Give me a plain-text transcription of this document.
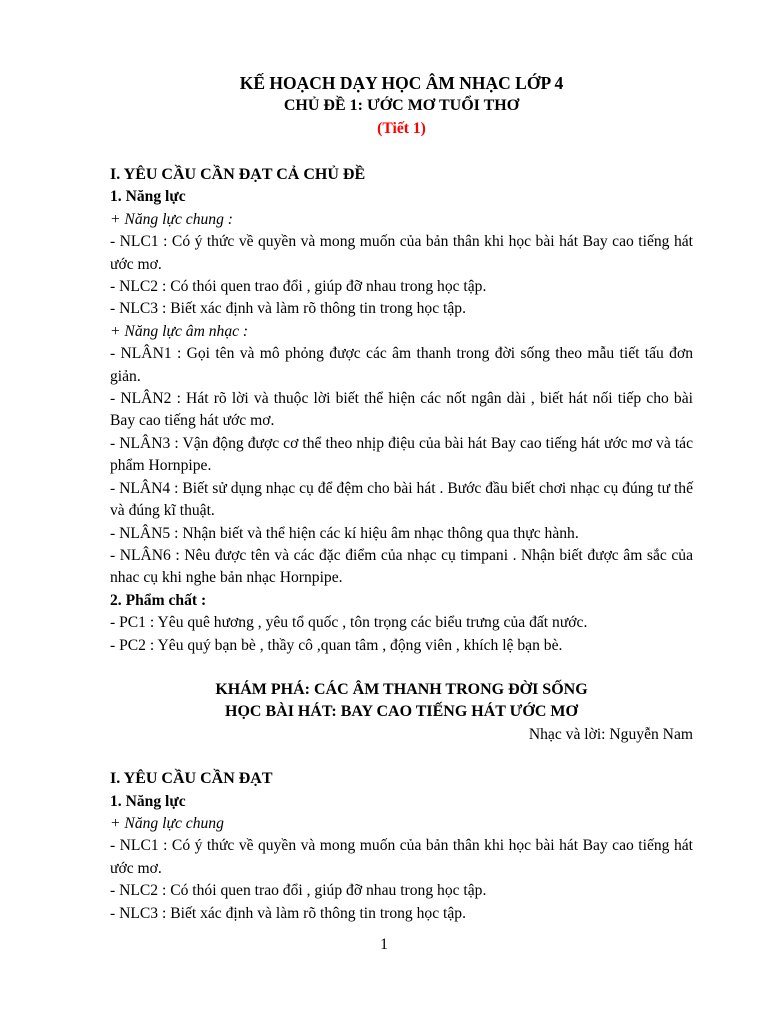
KẾ HOẠCH DẠY HỌC ÂM NHẠC LỚP 4
CHỦ ĐỀ 1: ƯỚC MƠ TUỔI THƠ
(Tiết 1)
I. YÊU CẦU CẦN ĐẠT CẢ CHỦ ĐỀ
1. Năng lực
+ Năng lực chung :
- NLC1 : Có ý thức về quyền và mong muốn của bản thân khi học bài hát Bay cao tiếng hát ước mơ.
- NLC2 : Có thói quen trao đổi , giúp đỡ nhau trong học tập.
- NLC3 : Biết xác định và làm rõ thông tin trong học tập.
+ Năng lực âm nhạc :
- NLÂN1 : Gọi tên và mô phỏng được các âm thanh trong đời sống theo mẫu tiết tấu đơn giản.
- NLÂN2 : Hát rõ lời và thuộc lời biết thể hiện các nốt ngân dài , biết hát nối tiếp cho bài Bay cao tiếng hát ước mơ.
- NLÂN3 : Vận động được cơ thể theo nhịp điệu của bài hát Bay cao tiếng hát ước mơ và tác phẩm Hornpipe.
- NLÂN4 : Biết sử dụng nhạc cụ để đệm cho bài hát . Bước đầu biết chơi nhạc cụ đúng tư thế và đúng kĩ thuật.
- NLÂN5 : Nhận biết và thể hiện các kí hiệu âm nhạc thông qua thực hành.
- NLÂN6 : Nêu được tên và các đặc điểm của nhạc cụ timpani . Nhận biết được âm sắc của nhac cụ khi nghe bản nhạc Hornpipe.
2. Phẩm chất :
- PC1 : Yêu quê hương , yêu tổ quốc , tôn trọng các biểu trưng của đất nước.
- PC2 : Yêu quý bạn bè , thầy cô ,quan tâm , động viên , khích lệ bạn bè.
KHÁM PHÁ: CÁC ÂM THANH TRONG ĐỜI SỐNG
HỌC BÀI HÁT: BAY CAO TIẾNG HÁT ƯỚC MƠ
Nhạc và lời: Nguyễn Nam
I. YÊU CẦU CẦN ĐẠT
1. Năng lực
+ Năng lực chung
- NLC1 : Có ý thức về quyền và mong muốn của bản thân khi học bài hát Bay cao tiếng hát ước mơ.
- NLC2 : Có thói quen trao đổi , giúp đỡ nhau trong học tập.
- NLC3 : Biết xác định và làm rõ thông tin trong học tập.
1
